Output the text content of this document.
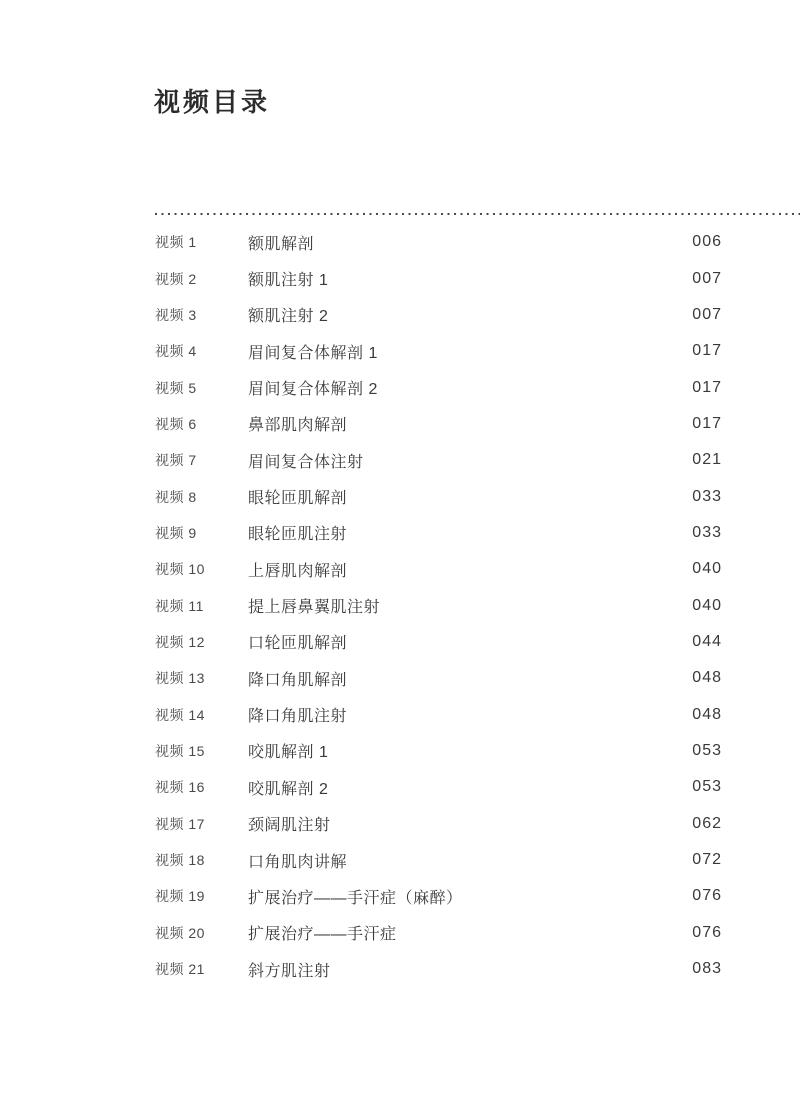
视频目录
视频 1	额肌解剖	006
视频 2	额肌注射 1	007
视频 3	额肌注射 2	007
视频 4	眉间复合体解剖 1	017
视频 5	眉间复合体解剖 2	017
视频 6	鼻部肌肉解剖	017
视频 7	眉间复合体注射	021
视频 8	眼轮匝肌解剖	033
视频 9	眼轮匝肌注射	033
视频 10	上唇肌肉解剖	040
视频 11	提上唇鼻翼肌注射	040
视频 12	口轮匝肌解剖	044
视频 13	降口角肌解剖	048
视频 14	降口角肌注射	048
视频 15	咬肌解剖 1	053
视频 16	咬肌解剖 2	053
视频 17	颈阔肌注射	062
视频 18	口角肌肉讲解	072
视频 19	扩展治疗——手汗症（麻醉）	076
视频 20	扩展治疗——手汗症	076
视频 21	斜方肌注射	083
